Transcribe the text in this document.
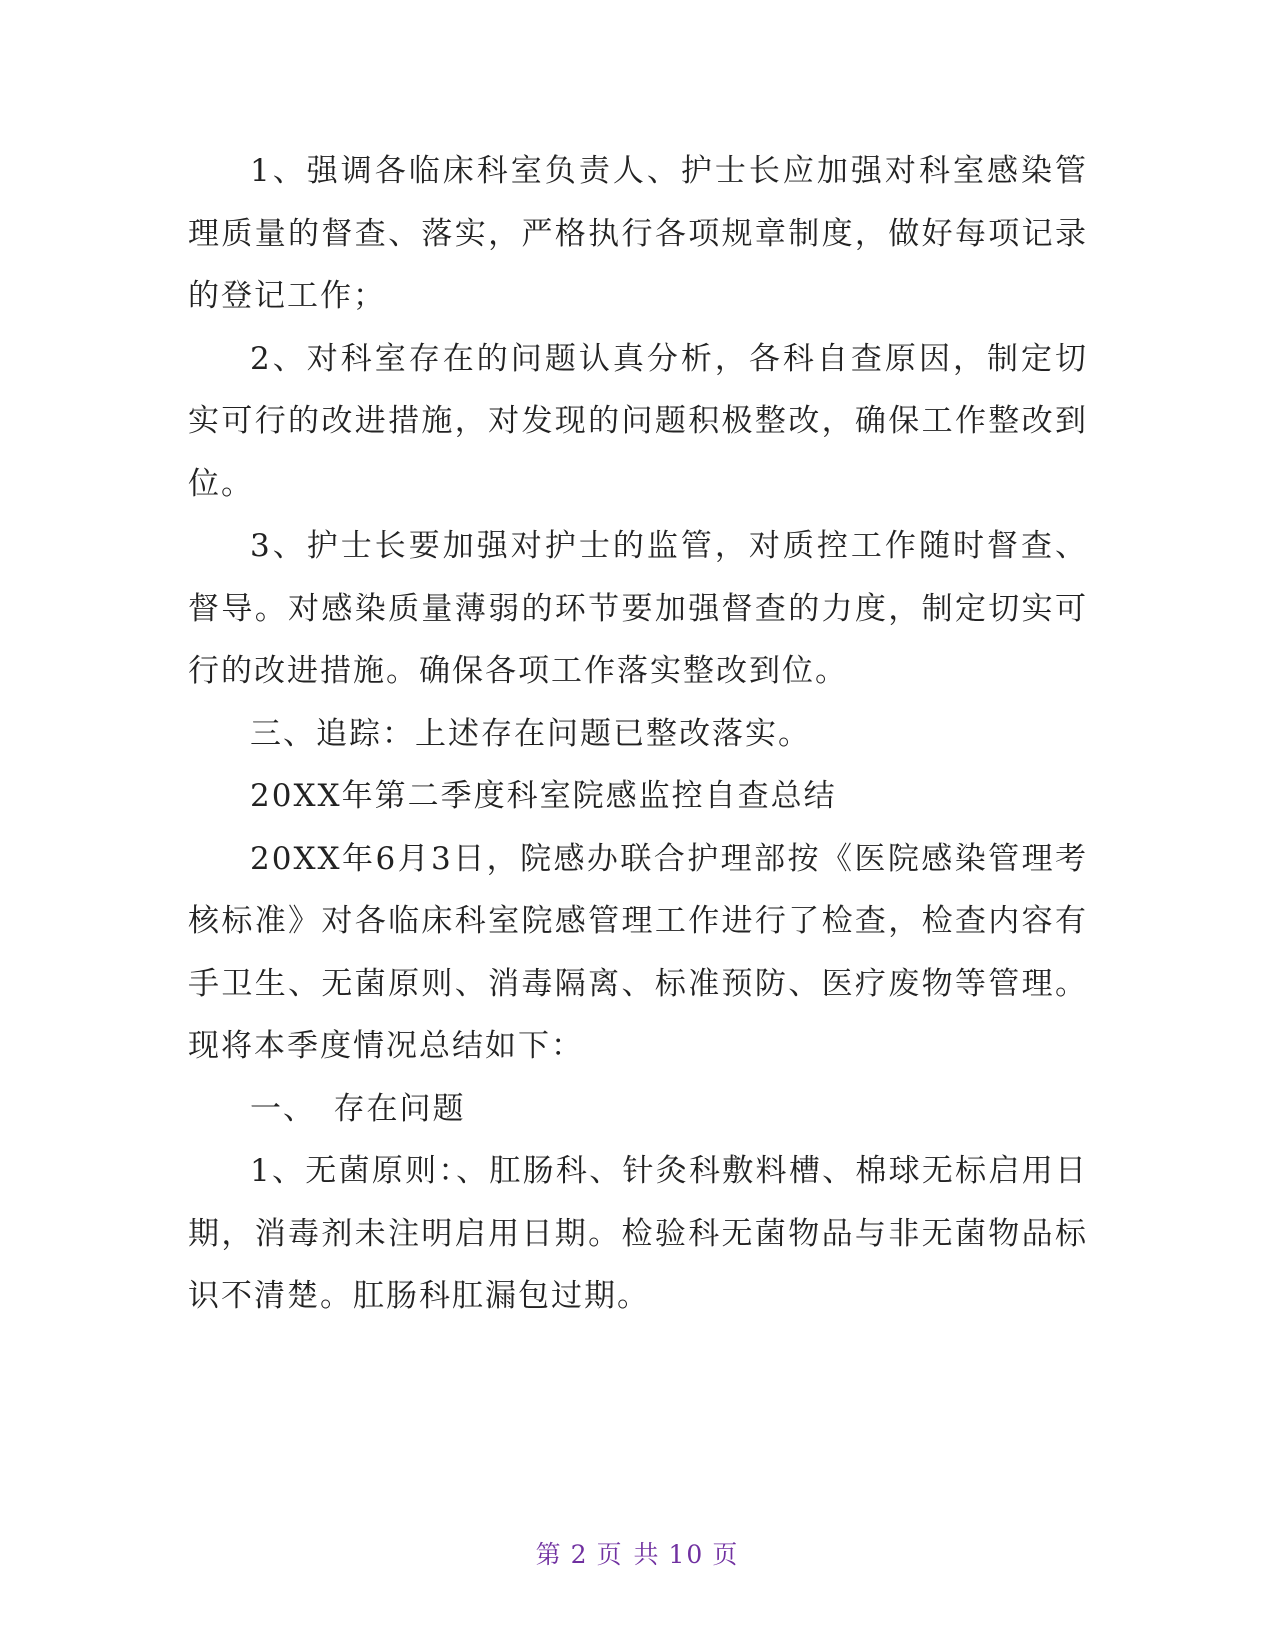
1、强调各临床科室负责人、护士长应加强对科室感染管理质量的督查、落实，严格执行各项规章制度，做好每项记录的登记工作；

2、对科室存在的问题认真分析，各科自查原因，制定切实可行的改进措施，对发现的问题积极整改，确保工作整改到位。

3、护士长要加强对护士的监管，对质控工作随时督查、督导。对感染质量薄弱的环节要加强督查的力度，制定切实可行的改进措施。确保各项工作落实整改到位。

三、追踪：上述存在问题已整改落实。

20XX年第二季度科室院感监控自查总结

20XX年6月3日，院感办联合护理部按《医院感染管理考核标准》对各临床科室院感管理工作进行了检查，检查内容有手卫生、无菌原则、消毒隔离、标准预防、医疗废物等管理。现将本季度情况总结如下：

一、　存在问题

1、无菌原则：、肛肠科、针灸科敷料槽、棉球无标启用日期，消毒剂未注明启用日期。检验科无菌物品与非无菌物品标识不清楚。肛肠科肛漏包过期。

第 2 页 共 10 页
